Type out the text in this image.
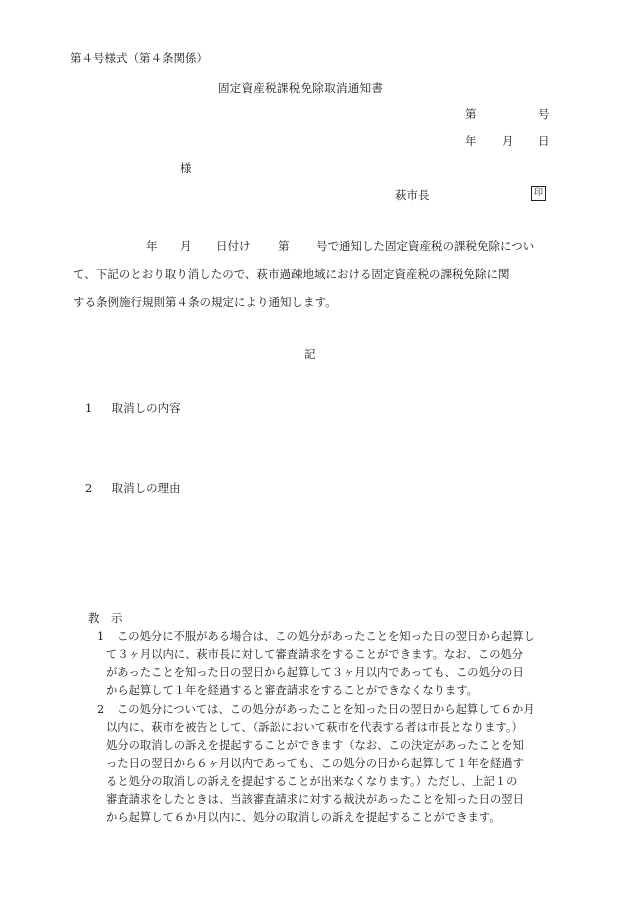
第４号様式（第４条関係）
固定資産税課税免除取消通知書
第	号
年 月 日
様
萩市長	印
年 月 日付け 第 号で通知した固定資産税の課税免除につい
て、下記のとおり取り消したので、萩市過疎地域における固定資産税の課税免除に関
する条例施行規則第４条の規定により通知します。
記
1 取消しの内容
2 取消しの理由
教　示
1 この処分に不服がある場合は、この処分があったことを知った日の翌日から起算し
て３ヶ月以内に、萩市長に対して審査請求をすることができます。なお、この処分
があったことを知った日の翌日から起算して３ヶ月以内であっても、この処分の日
から起算して１年を経過すると審査請求をすることができなくなります。
2 この処分については、この処分があったことを知った日の翌日から起算して６か月
以内に、萩市を被告として、（訴訟において萩市を代表する者は市長となります。）
処分の取消しの訴えを提起することができます（なお、この決定があったことを知
った日の翌日から６ヶ月以内であっても、この処分の日から起算して１年を経過す
ると処分の取消しの訴えを提起することが出来なくなります。）ただし、上記１の
審査請求をしたときは、当該審査請求に対する裁決があったことを知った日の翌日
から起算して６か月以内に、処分の取消しの訴えを提起することができます。
